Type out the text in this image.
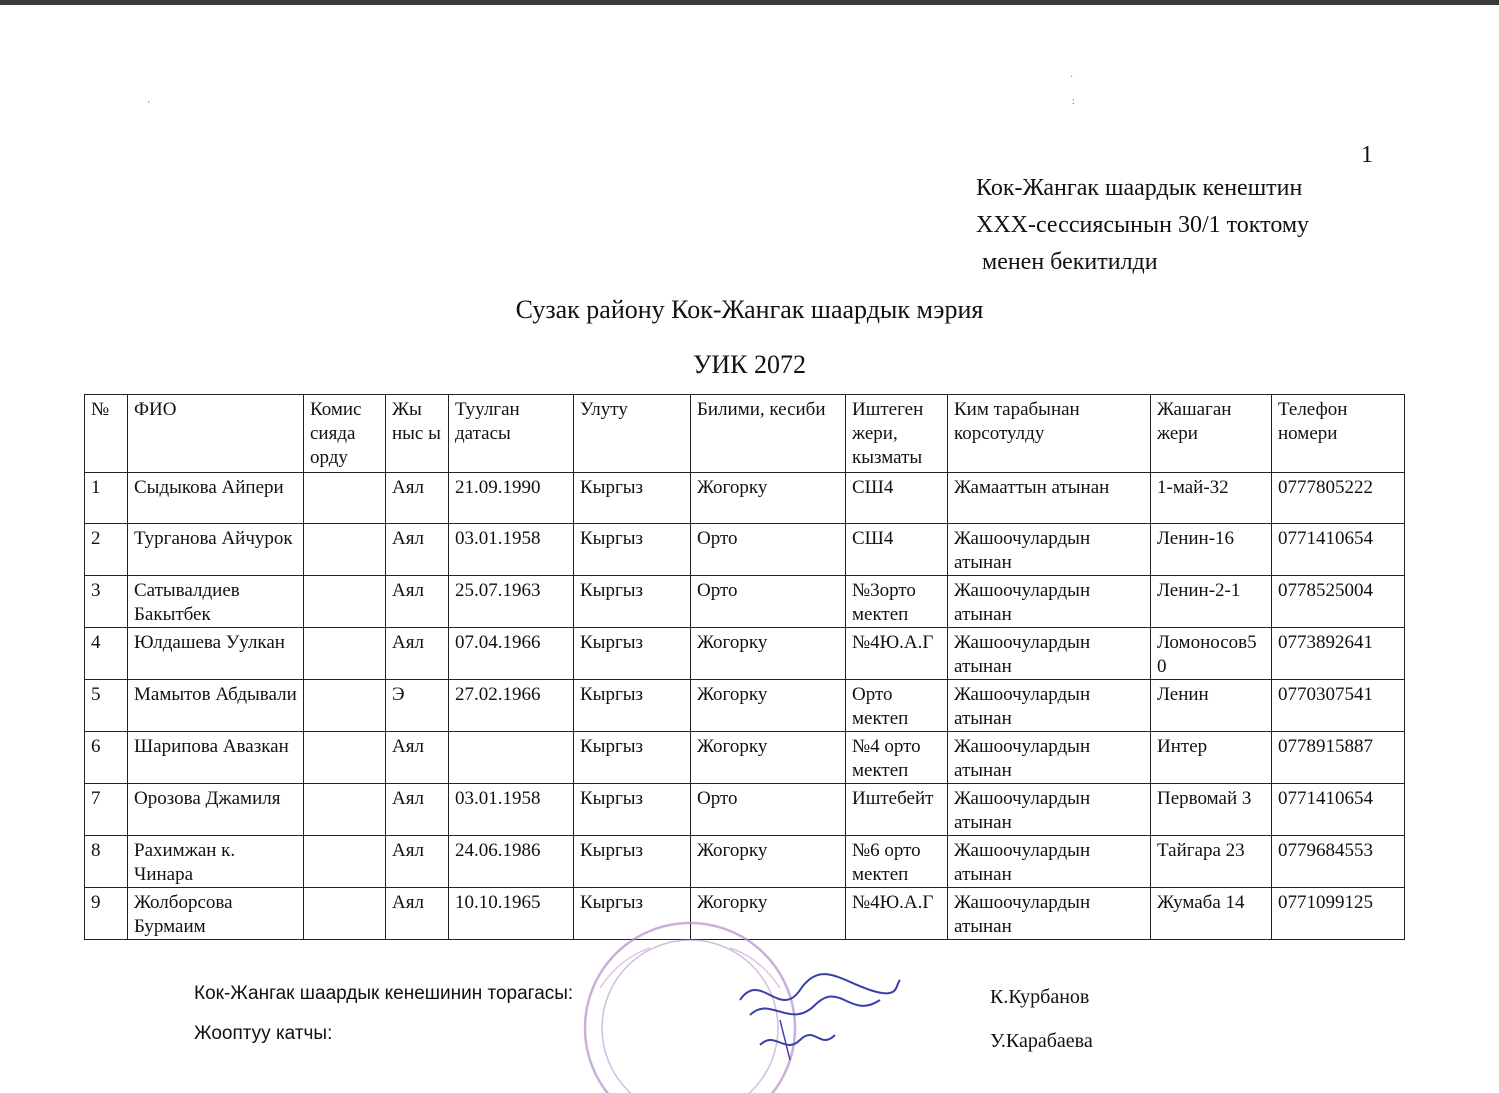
·
:
'
1
Кок-Жангак шаардык кенештин
XXX-сессиясынын 30/1 токтому
менен бекитилди
Сузак району Кок-Жангак шаардык мэрия
УИК 2072
№	ФИО	Комис сияда орду	Жы ныс ы	Туулган датасы	Улуту	Билими, кесиби	Иштеген жери, кызматы	Ким тарабынан корсотулду	Жашаган жери	Телефон номери
1	Сыдыкова Айпери		Аял	21.09.1990	Кыргыз	Жогорку	СШ4	Жамааттын атынан	1-май-32	0777805222
2	Турганова Айчурок		Аял	03.01.1958	Кыргыз	Орто	СШ4	Жашоочулардын атынан	Ленин-16	0771410654
3	Сатывалдиев Бакытбек		Аял	25.07.1963	Кыргыз	Орто	№3орто мектеп	Жашоочулардын атынан	Ленин-2-1	0778525004
4	Юлдашева Уулкан		Аял	07.04.1966	Кыргыз	Жогорку	№4Ю.А.Г	Жашоочулардын атынан	Ломоносов50	0773892641
5	Мамытов Абдывали		Э	27.02.1966	Кыргыз	Жогорку	Орто мектеп	Жашоочулардын атынан	Ленин	0770307541
6	Шарипова Авазкан		Аял		Кыргыз	Жогорку	№4 орто мектеп	Жашоочулардын атынан	Интер	0778915887
7	Орозова Джамиля		Аял	03.01.1958	Кыргыз	Орто	Иштебейт	Жашоочулардын атынан	Первомай 3	0771410654
8	Рахимжан к. Чинара		Аял	24.06.1986	Кыргыз	Жогорку	№6 орто мектеп	Жашоочулардын атынан	Тайгара 23	0779684553
9	Жолборсова Бурмаим		Аял	10.10.1965	Кыргыз	Жогорку	№4Ю.А.Г	Жашоочулардын атынан	Жумаба 14	0771099125
Кок-Жангак шаардык кенешинин торагасы:	К.Курбанов
Жооптуу катчы:	У.Карабаева
